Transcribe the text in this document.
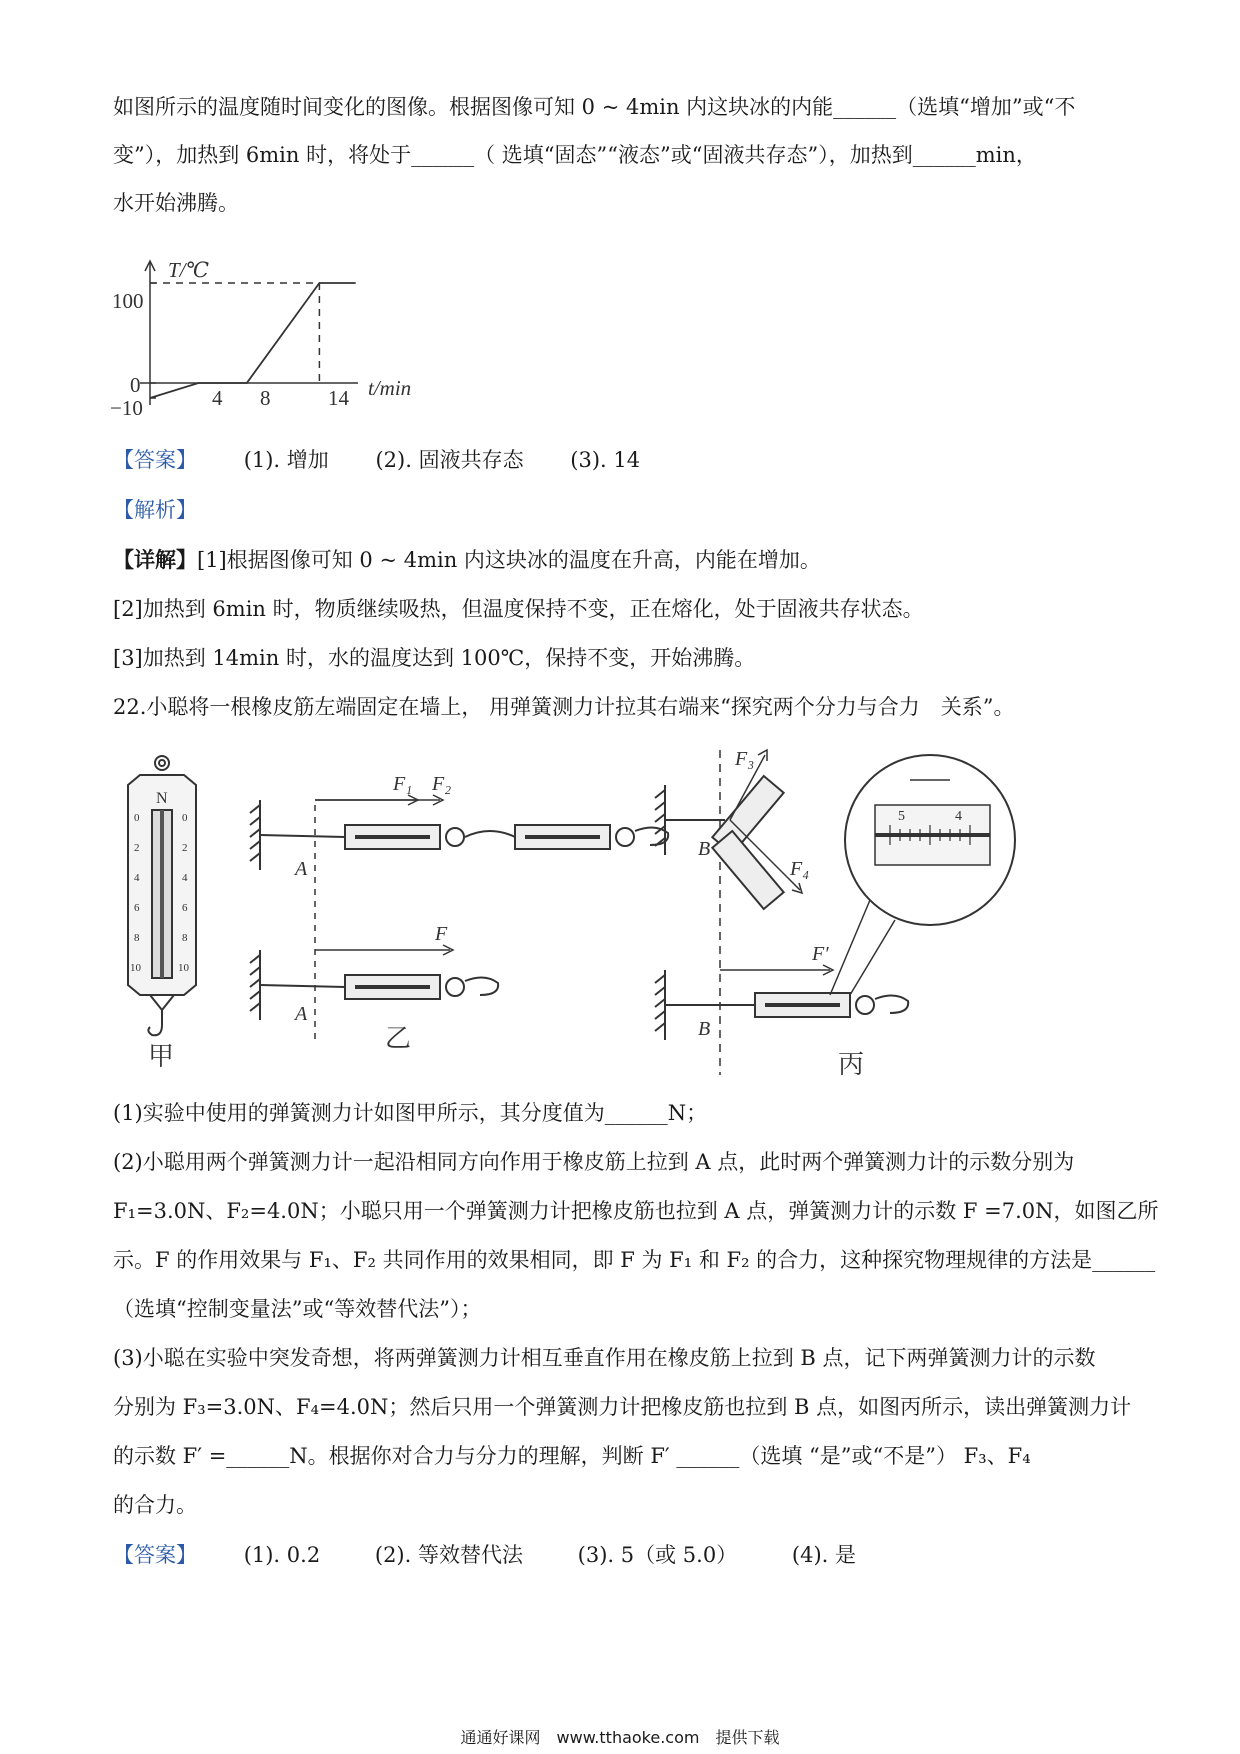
如图所示的温度随时间变化的图像。根据图像可知 0 ~ 4min 内这块冰的内能______（选填“增加”或“不
变”），加热到 6min 时，将处于______（ 选填“固态”“液态”或“固液共存态”），加热到______min，
水开始沸腾。
T/℃
t/min
100
0
−10	4 8	14
【答案】 (1). 增加 (2). 固液共存态 (3). 14
【解析】
【详解】[1]根据图像可知 0 ~ 4min 内这块冰的温度在升高，内能在增加。
[2]加热到 6min 时，物质继续吸热，但温度保持不变，正在熔化，处于固液共存状态。
[3]加热到 14min 时，水的温度达到 100℃，保持不变，开始沸腾。
22.小聪将一根橡皮筋左端固定在墙上， 用弹簧测力计拉其右端来“探究两个分力与合力　关系”。
N
0
2
4
6
8
10
0
2
4
6
8
10
甲
乙
丙
A
A
B
B
F₁ F₂
F
F₃
F₄
F′
5	4
(1)实验中使用的弹簧测力计如图甲所示，其分度值为______N；
(2)小聪用两个弹簧测力计一起沿相同方向作用于橡皮筋上拉到 A 点，此时两个弹簧测力计的示数分别为
F₁=3.0N、F₂=4.0N；小聪只用一个弹簧测力计把橡皮筋也拉到 A 点，弹簧测力计的示数 F =7.0N，如图乙所
示。F 的作用效果与 F₁、F₂ 共同作用的效果相同，即 F 为 F₁ 和 F₂ 的合力，这种探究物理规律的方法是______
（选填“控制变量法”或“等效替代法”）；
(3)小聪在实验中突发奇想，将两弹簧测力计相互垂直作用在橡皮筋上拉到 B 点，记下两弹簧测力计的示数
分别为 F₃=3.0N、F₄=4.0N；然后只用一个弹簧测力计把橡皮筋也拉到 B 点，如图丙所示，读出弹簧测力计
的示数 F′ =______N。根据你对合力与分力的理解，判断 F′ ______（选填 “是”或“不是”） F₃、F₄
的合力。
【答案】 (1). 0.2	(2). 等效替代法	(3). 5（或 5.0）	(4). 是
通通好课网　www.tthaoke.com　提供下载
